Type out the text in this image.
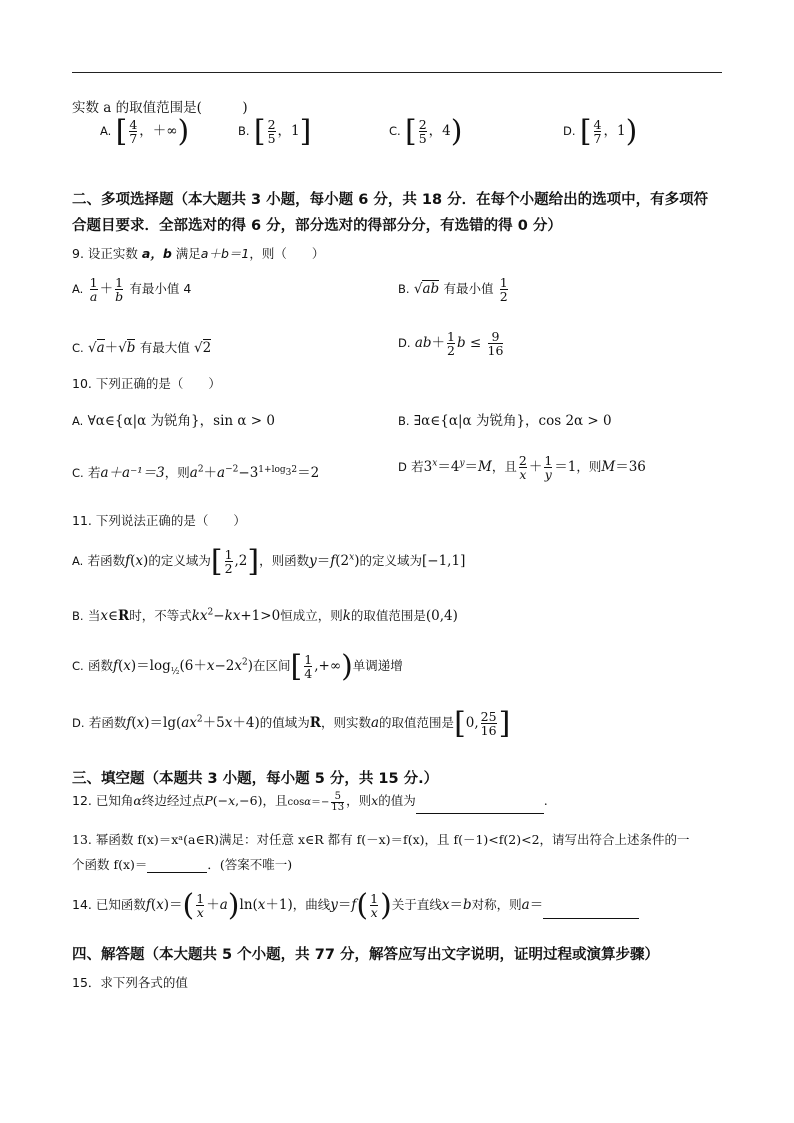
实数 a 的取值范围是(　　　)
A. [ $\frac{4}{7}$ ，＋∞)	B. [ $\frac{2}{5}$ ，1]	C. [ $\frac{2}{5}$ ，4)	D. [ $\frac{4}{7}$ ，1)
二、多项选择题（本大题共 3 小题，每小题 6 分，共 18 分．在每个小题给出的选项中，有多项符合题目要求．全部选对的得 6 分，部分选对的得部分分，有选错的得 0 分）
9. 设正实数 a，b 满足a＋b＝1，则（　　）
A. $\frac{1}{a} + \frac{1}{b}$ 有最小值 4	B. √ab 有最小值 $\frac{1}{2}$
C. √a＋√b 有最大值 √2	D. $ab+ \frac{1}{2}$ $b \le \frac{9}{16}$
10. 下列正确的是（　　）
A. ∀α∈{α|α 为锐角}，sin α > 0	B. ∃α∈{α|α 为锐角}，cos 2α > 0
C. 若a＋a⁻¹＝3，则$a^2+a^{-2}-3^{1+log_32}=2$	D 若$3^x=4^y=M$，且 $\frac{2}{x} + \frac{1}{y} =1$，则M＝36
11. 下列说法正确的是（　　）
A. 若函数f(x)的定义域为[ $\frac{1}{2} ,2$]，则函数$y=f(2^x)$的定义域为[−1,1]
B. 当x∈R时，不等式$kx^2-kx+1>0$恒成立，则k的取值范围是(0,4)
C. 函数$f(x)=\log_{\frac{1}{2}}(6+x-2x^2)$在区间[ $\frac{1}{4}$ ,+∞)单调递增
D. 若函数$f(x)=\lg(ax^2+5x+4)$的值域为R，则实数a的取值范围是[0, $\frac{25}{16}$ ]
三、填空题（本题共 3 小题，每小题 5 分，共 15 分.）
12. 已知角α终边经过点P(−x,−6)，且$\cos\alpha=- \frac{5}{13}$ ，则x的值为	.
13. 幂函数 f(x)＝xᵃ(a∈R)满足：对任意 x∈R 都有 f(－x)＝f(x)，且 f(－1)<f(2)<2，请写出符合上述条件的一
个函数 f(x)＝	．(答案不唯一)
14. 已知函数$f(x)=( \frac{1}{x} +a)\ln(x+1)$，曲线$y=f( \frac{1}{x}$ )关于直线x＝b对称，则a＝
四、解答题（本大题共 5 个小题，共 77 分，解答应写出文字说明，证明过程或演算步骤）
15．求下列各式的值
